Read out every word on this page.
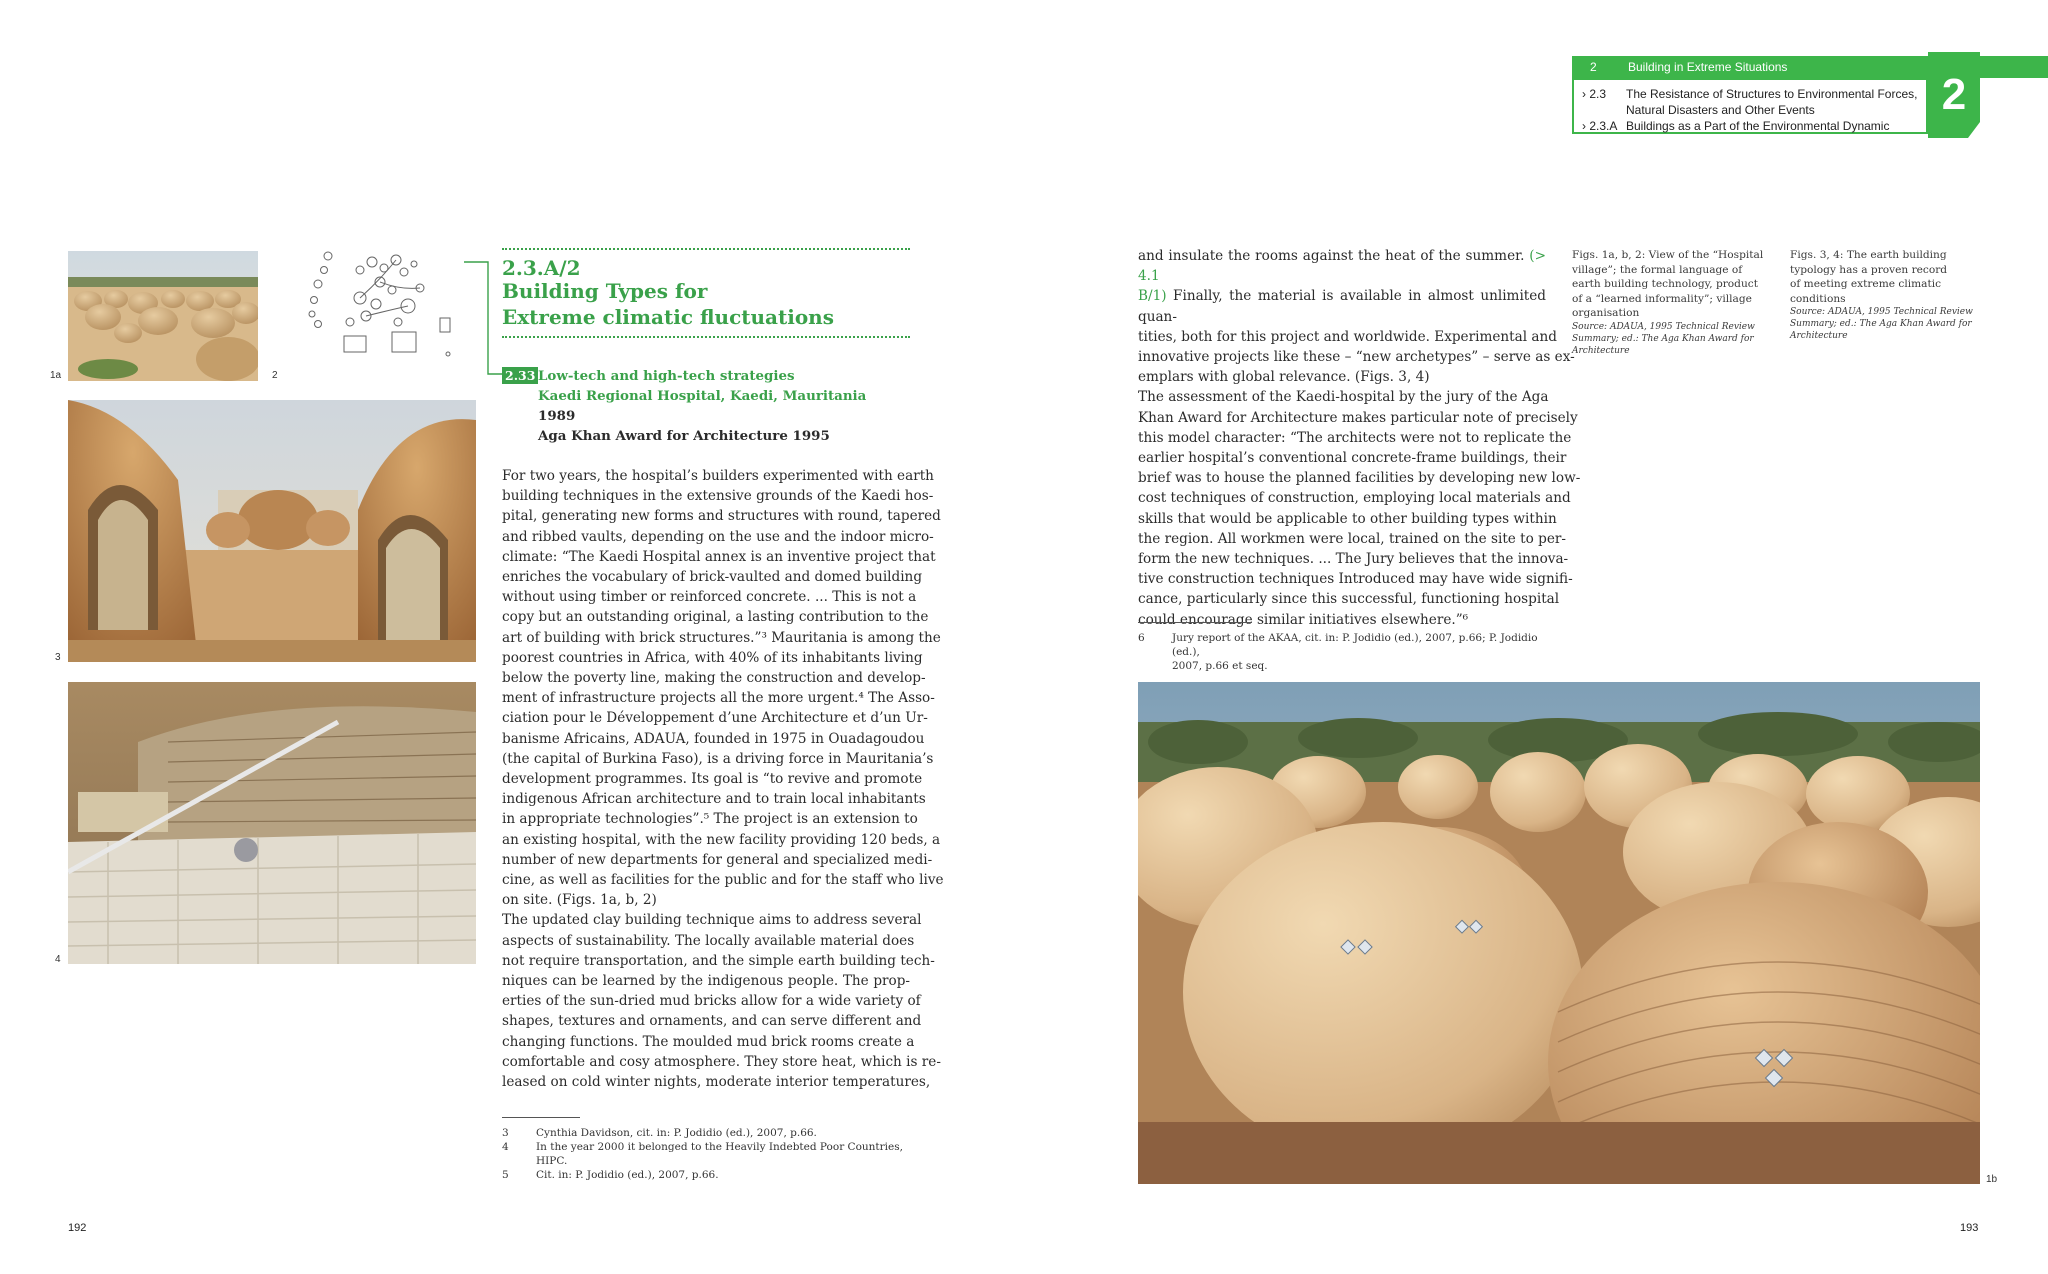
2	Building in Extreme Situations
› 2.3	The Resistance of Structures to Environmental Forces,
Natural Disasters and Other Events
› 2.3.A Buildings as a Part of the Environmental Dynamic
2
1a	2
3
4
2.3.A/2
Building Types for
Extreme climatic fluctuations
2.33 Low-tech and high-tech strategies
Kaedi Regional Hospital, Kaedi, Mauritania
1989
Aga Khan Award for Architecture 1995
For two years, the hospital’s builders experimented with earth
building techniques in the extensive grounds of the Kaedi hos-
pital, generating new forms and structures with round, tapered
and ribbed vaults, depending on the use and the indoor micro-
climate: “The Kaedi Hospital annex is an inventive project that
enriches the vocabulary of brick-vaulted and domed building
without using timber or reinforced concrete. ... This is not a
copy but an outstanding original, a lasting contribution to the
art of building with brick structures.”³ Mauritania is among the
poorest countries in Africa, with 40% of its inhabitants living
below the poverty line, making the construction and develop-
ment of infrastructure projects all the more urgent.⁴ The Asso-
ciation pour le Développement d’une Architecture et d’un Ur-
banisme Africains, ADAUA, founded in 1975 in Ouadagoudou
(the capital of Burkina Faso), is a driving force in Mauritania’s
development programmes. Its goal is “to revive and promote
indigenous African architecture and to train local inhabitants
in appropriate technologies”.⁵ The project is an extension to
an existing hospital, with the new facility providing 120 beds, a
number of new departments for general and specialized medi-
cine, as well as facilities for the public and for the staff who live
on site. (Figs. 1a, b, 2)
The updated clay building technique aims to address several
aspects of sustainability. The locally available material does
not require transportation, and the simple earth building tech-
niques can be learned by the indigenous people. The prop-
erties of the sun-dried mud bricks allow for a wide variety of
shapes, textures and ornaments, and can serve different and
changing functions. The moulded mud brick rooms create a
comfortable and cosy atmosphere. They store heat, which is re-
leased on cold winter nights, moderate interior temperatures,
3	Cynthia Davidson, cit. in: P. Jodidio (ed.), 2007, p.66.
4	In the year 2000 it belonged to the Heavily Indebted Poor Countries,
HIPC.
5	Cit. in: P. Jodidio (ed.), 2007, p.66.
192
and insulate the rooms against the heat of the summer. (> 4.1
B/1) Finally, the material is available in almost unlimited quan-
tities, both for this project and worldwide. Experimental and
innovative projects like these – “new archetypes” – serve as ex-
emplars with global relevance. (Figs. 3, 4)
The assessment of the Kaedi-hospital by the jury of the Aga
Khan Award for Architecture makes particular note of precisely
this model character: “The architects were not to replicate the
earlier hospital’s conventional concrete-frame buildings, their
brief was to house the planned facilities by developing new low-
cost techniques of construction, employing local materials and
skills that would be applicable to other building types within
the region. All workmen were local, trained on the site to per-
form the new techniques. ... The Jury believes that the innova-
tive construction techniques Introduced may have wide signifi-
cance, particularly since this successful, functioning hospital
could encourage similar initiatives elsewhere.”⁶
6	Jury report of the AKAA, cit. in: P. Jodidio (ed.), 2007, p.66; P. Jodidio (ed.),
2007, p.66 et seq.
Figs. 1a, b, 2: View of the “Hospital
village”; the formal language of
earth building technology, product
of a “learned informality”; village
organisation
Source: ADAUA, 1995 Technical Review
Summary; ed.: The Aga Khan Award for
Architecture
Figs. 3, 4: The earth building
typology has a proven record
of meeting extreme climatic
conditions
Source: ADAUA, 1995 Technical Review
Summary; ed.: The Aga Khan Award for
Architecture
1b
193
